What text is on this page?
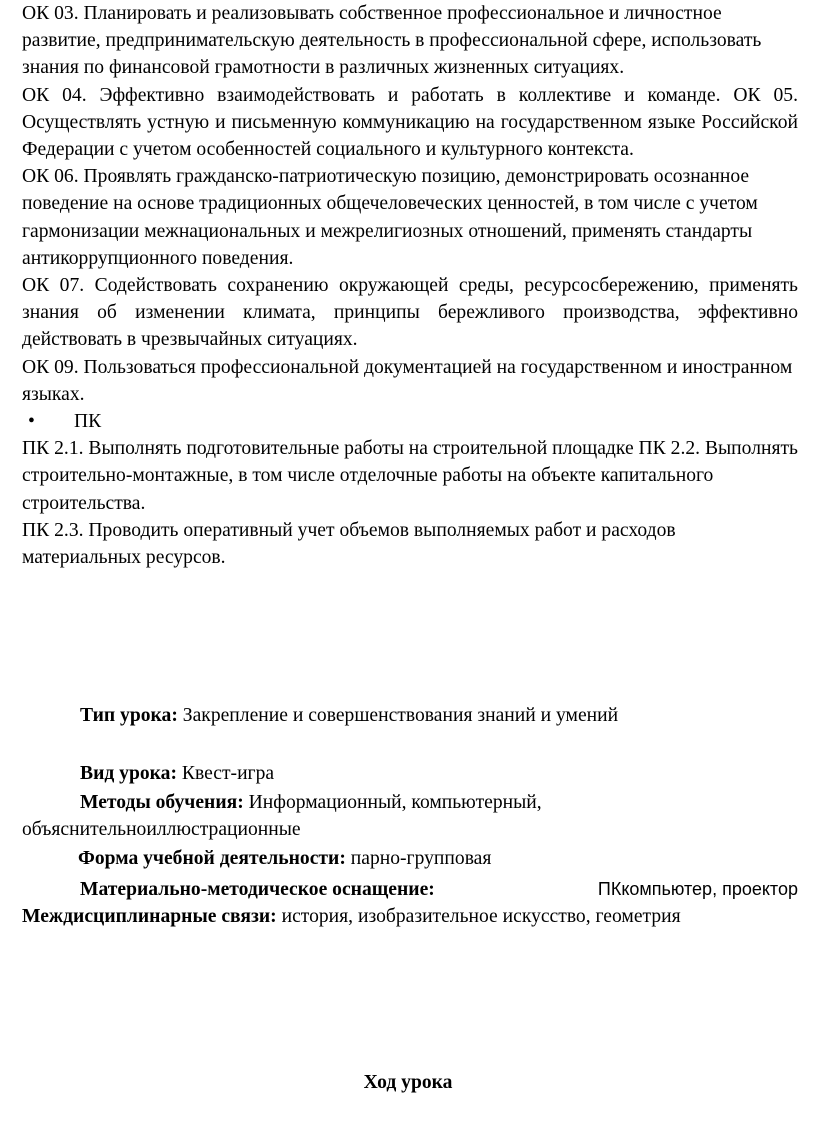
ОК 03. Планировать и реализовывать собственное профессиональное и личностное развитие, предпринимательскую деятельность в профессиональной сфере, использовать знания по финансовой грамотности в различных жизненных ситуациях.

ОК 04. Эффективно взаимодействовать и работать в коллективе и команде. ОК 05. Осуществлять устную и письменную коммуникацию на государственном языке Российской Федерации с учетом особенностей социального и культурного контекста.

ОК 06. Проявлять гражданско-патриотическую позицию, демонстрировать осознанное поведение на основе традиционных общечеловеческих ценностей, в том числе с учетом гармонизации межнациональных и межрелигиозных отношений, применять стандарты антикоррупционного поведения.

ОК 07. Содействовать сохранению окружающей среды, ресурсосбережению, применять знания об изменении климата, принципы бережливого производства, эффективно действовать в чрезвычайных ситуациях.

ОК 09. Пользоваться профессиональной документацией на государственном и иностранном языках.

•	ПК

ПК 2.1. Выполнять подготовительные работы на строительной площадке ПК 2.2. Выполнять строительно-монтажные, в том числе отделочные работы на объекте капитального строительства.

ПК 2.3. Проводить оперативный учет объемов выполняемых работ и расходов материальных ресурсов.

Тип урока: Закрепление и совершенствования знаний и умений

Вид урока: Квест-игра

Методы обучения: Информационный, компьютерный,

объяснительноиллюстрационные

Форма учебной деятельности: парно-групповая

Материально-методическое оснащение:	ПКкомпьютер, проектор

Междисциплинарные связи: история, изобразительное искусство, геометрия

Ход урока
